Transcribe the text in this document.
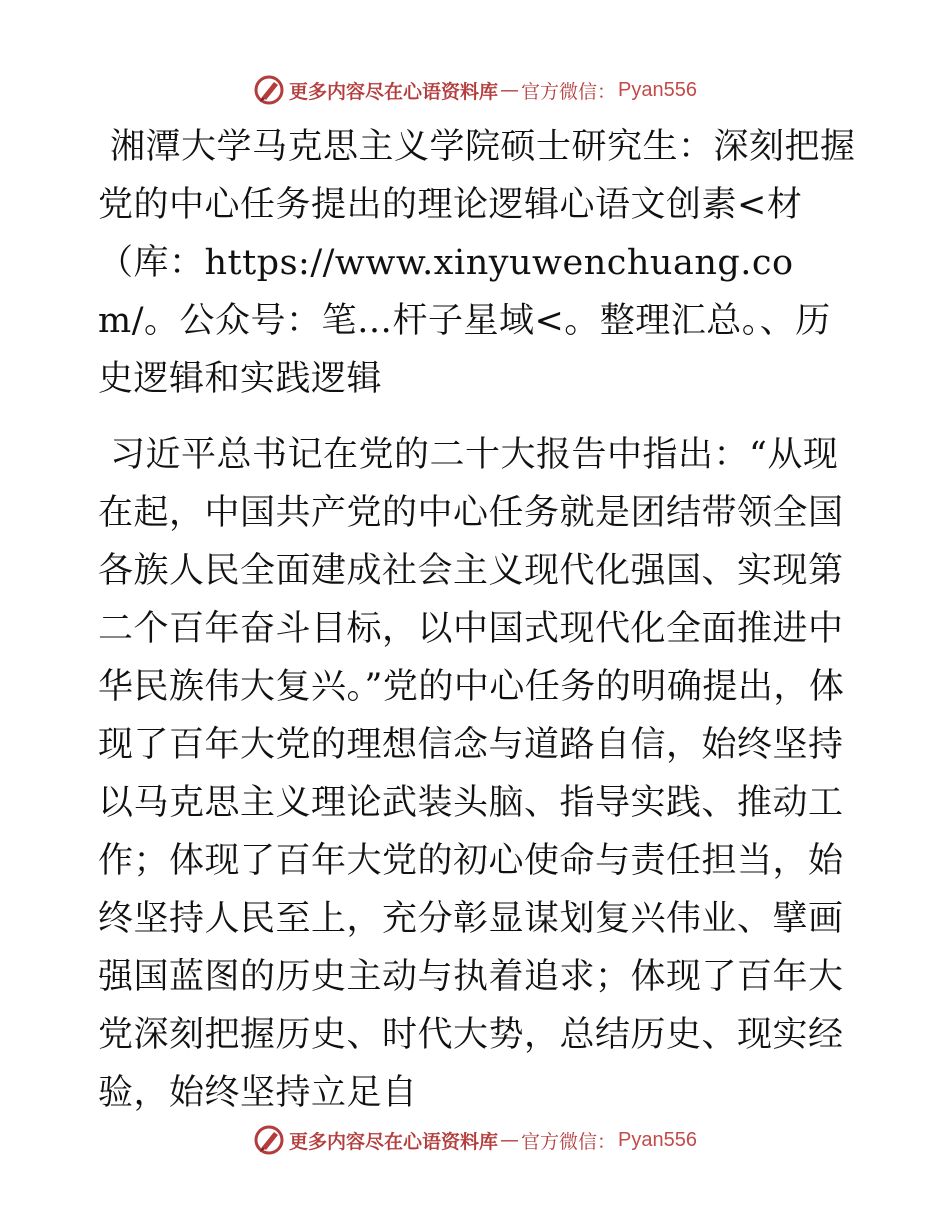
更多内容尽在心语资料库 — 官方微信： Pyan556

湘潭大学马克思主义学院硕士研究生：深刻把握党的中心任务提出的理论逻辑心语文创素<材（库：https://www.xinyuwenchuang.com/。公众号：笔…杆子星域<。整理汇总。、历史逻辑和实践逻辑

习近平总书记在党的二十大报告中指出：“从现在起，中国共产党的中心任务就是团结带领全国各族人民全面建成社会主义现代化强国、实现第二个百年奋斗目标，以中国式现代化全面推进中华民族伟大复兴。”党的中心任务的明确提出，体现了百年大党的理想信念与道路自信，始终坚持以马克思主义理论武装头脑、指导实践、推动工作；体现了百年大党的初心使命与责任担当，始终坚持人民至上，充分彰显谋划复兴伟业、擘画强国蓝图的历史主动与执着追求；体现了百年大党深刻把握历史、时代大势，总结历史、现实经验，始终坚持立足自

更多内容尽在心语资料库 — 官方微信： Pyan556
